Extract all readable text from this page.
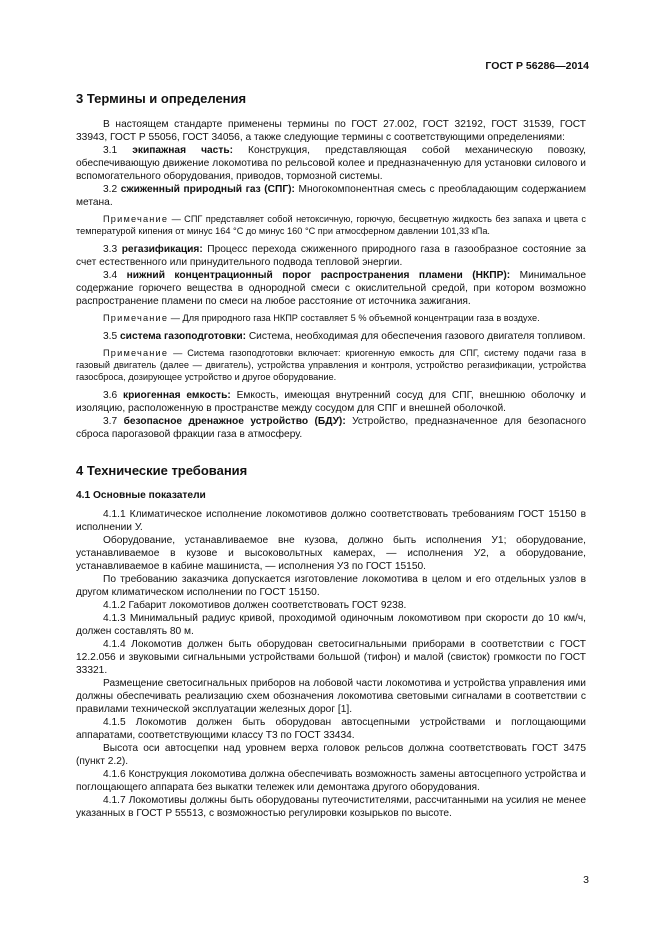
ГОСТ Р 56286—2014
3 Термины и определения

В настоящем стандарте применены термины по ГОСТ 27.002, ГОСТ 32192, ГОСТ 31539, ГОСТ 33943, ГОСТ Р 55056, ГОСТ 34056, а также следующие термины с соответствующими определениями:

3.1 экипажная часть: Конструкция, представляющая собой механическую повозку, обеспечивающую движение локомотива по рельсовой колее и предназначенную для установки силового и вспомогательного оборудования, приводов, тормозной системы.

3.2 сжиженный природный газ (СПГ): Многокомпонентная смесь с преобладающим содержанием метана.

Примечание — СПГ представляет собой нетоксичную, горючую, бесцветную жидкость без запаха и цвета с температурой кипения от минус 164 °С до минус 160 °С при атмосферном давлении 101,33 кПа.

3.3 регазификация: Процесс перехода сжиженного природного газа в газообразное состояние за счет естественного или принудительного подвода тепловой энергии.

3.4 нижний концентрационный порог распространения пламени (НКПР): Минимальное содержание горючего вещества в однородной смеси с окислительной средой, при котором возможно распространение пламени по смеси на любое расстояние от источника зажигания.

Примечание — Для природного газа НКПР составляет 5 % объемной концентрации газа в воздухе.

3.5 система газоподготовки: Система, необходимая для обеспечения газового двигателя топливом.

Примечание — Система газоподготовки включает: криогенную емкость для СПГ, систему подачи газа в газовый двигатель (далее — двигатель), устройства управления и контроля, устройство регазификации, устройства газосброса, дозирующее устройство и другое оборудование.

3.6 криогенная емкость: Емкость, имеющая внутренний сосуд для СПГ, внешнюю оболочку и изоляцию, расположенную в пространстве между сосудом для СПГ и внешней оболочкой.

3.7 безопасное дренажное устройство (БДУ): Устройство, предназначенное для безопасного сброса парогазовой фракции газа в атмосферу.

4 Технические требования
4.1 Основные показатели

4.1.1 Климатическое исполнение локомотивов должно соответствовать требованиям ГОСТ 15150 в исполнении У.

Оборудование, устанавливаемое вне кузова, должно быть исполнения У1; оборудование, устанавливаемое в кузове и высоковольтных камерах, — исполнения У2, а оборудование, устанавливаемое в кабине машиниста, — исполнения У3 по ГОСТ 15150.

По требованию заказчика допускается изготовление локомотива в целом и его отдельных узлов в другом климатическом исполнении по ГОСТ 15150.

4.1.2 Габарит локомотивов должен соответствовать ГОСТ 9238.

4.1.3 Минимальный радиус кривой, проходимой одиночным локомотивом при скорости до 10 км/ч, должен составлять 80 м.

4.1.4 Локомотив должен быть оборудован светосигнальными приборами в соответствии с ГОСТ 12.2.056 и звуковыми сигнальными устройствами большой (тифон) и малой (свисток) громкости по ГОСТ 33321.

Размещение светосигнальных приборов на лобовой части локомотива и устройства управления ими должны обеспечивать реализацию схем обозначения локомотива световыми сигналами в соответствии с правилами технической эксплуатации железных дорог [1].

4.1.5 Локомотив должен быть оборудован автосцепными устройствами и поглощающими аппаратами, соответствующими классу Т3 по ГОСТ 33434.

Высота оси автосцепки над уровнем верха головок рельсов должна соответствовать ГОСТ 3475 (пункт 2.2).

4.1.6 Конструкция локомотива должна обеспечивать возможность замены автосцепного устройства и поглощающего аппарата без выкатки тележек или демонтажа другого оборудования.

4.1.7 Локомотивы должны быть оборудованы путеочистителями, рассчитанными на усилия не менее указанных в ГОСТ Р 55513, с возможностью регулировки козырьков по высоте.

3
